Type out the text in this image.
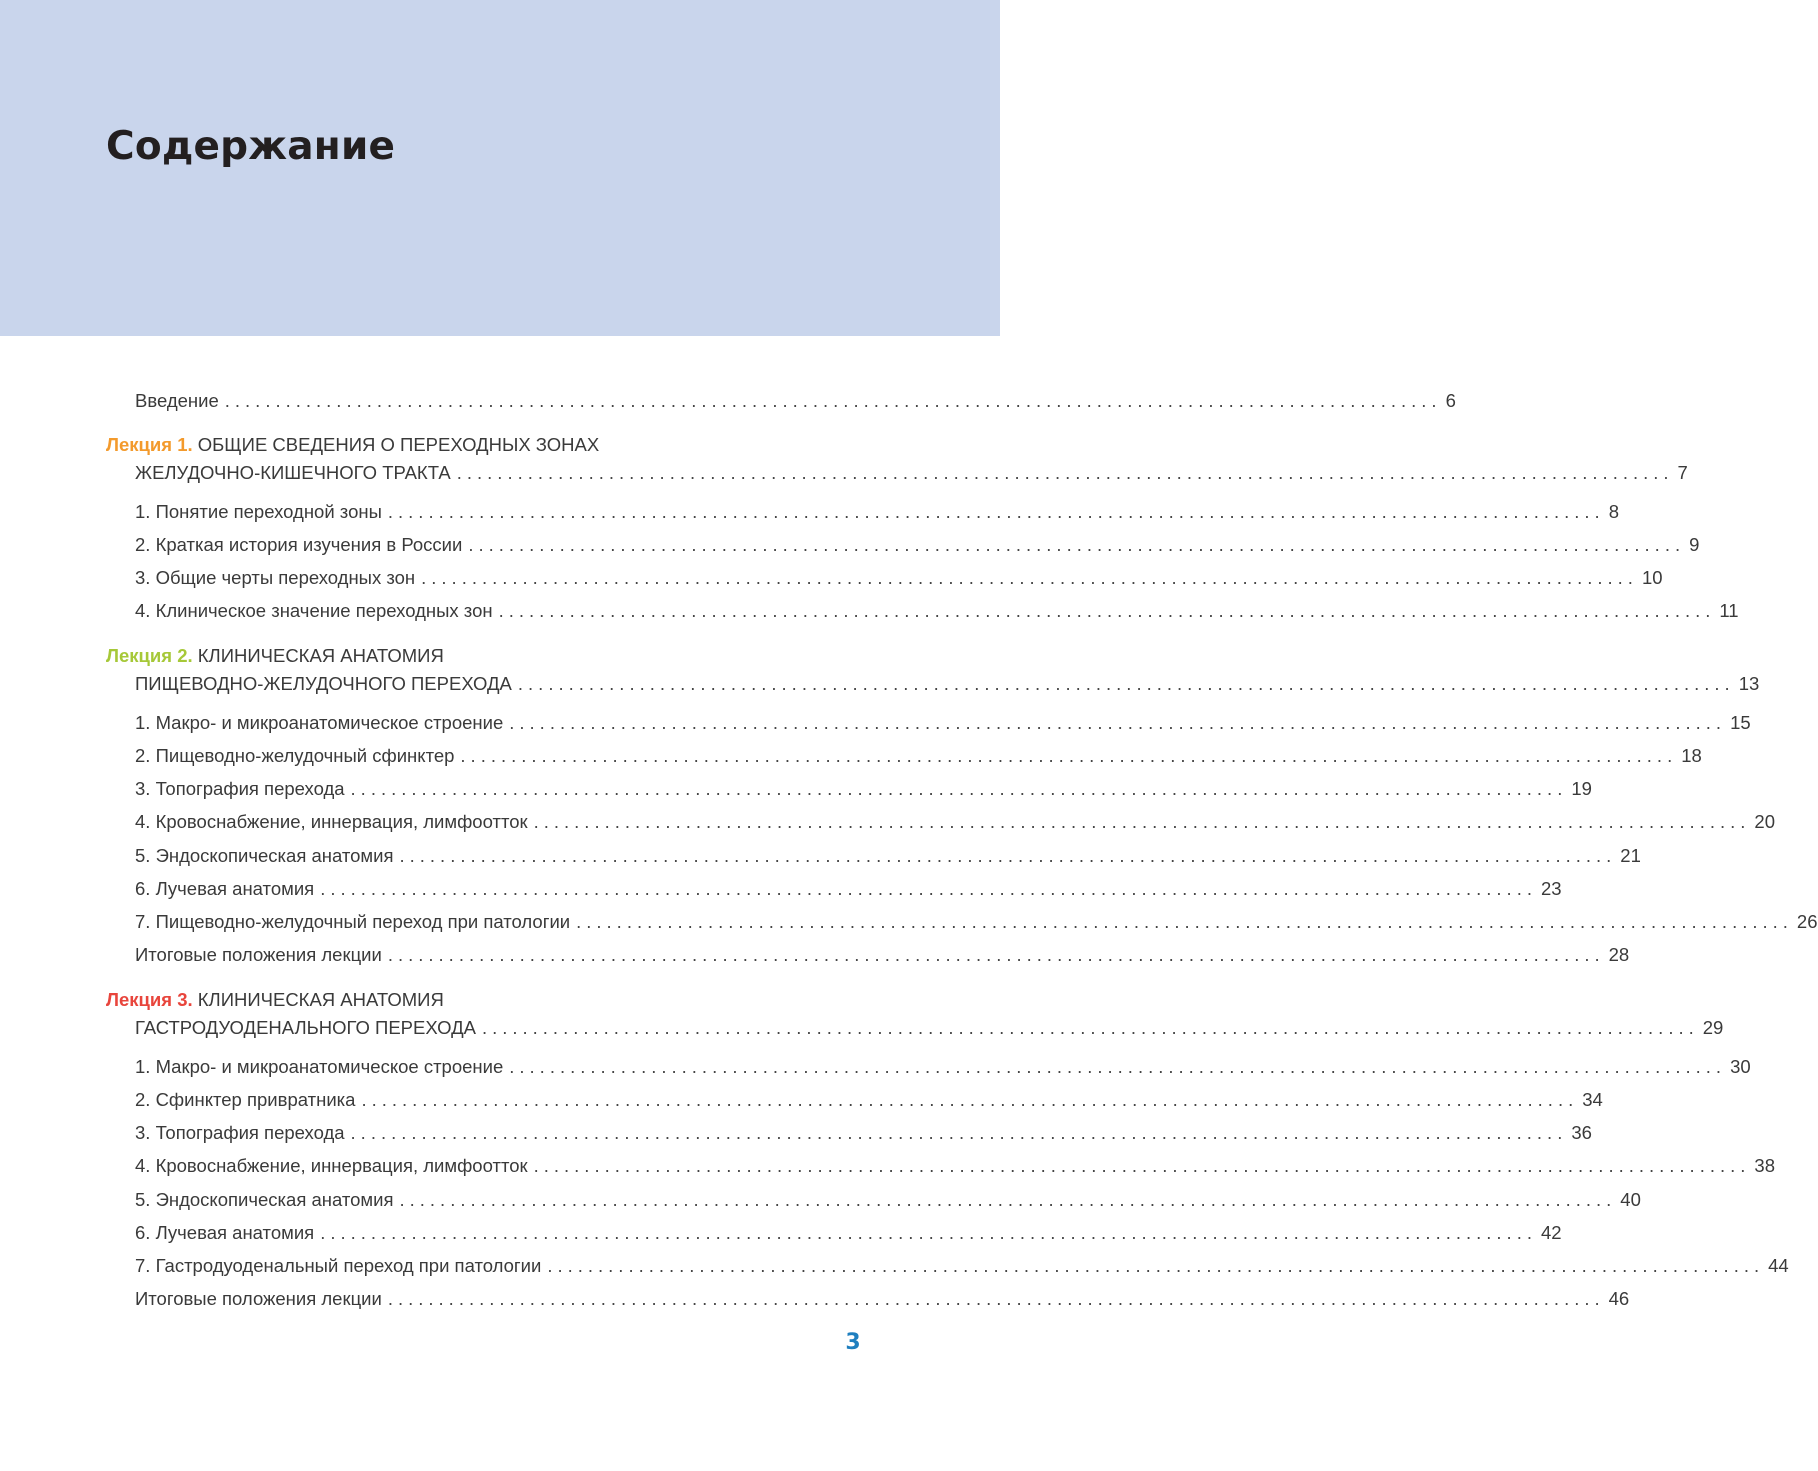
Содержание
Введение ........................................................................................................................ 6
Лекция 1. ОБЩИЕ СВЕДЕНИЯ О ПЕРЕХОДНЫХ ЗОНАХ
ЖЕЛУДОЧНО-КИШЕЧНОГО ТРАКТА ........................................................................................................................ 7
1. Понятие переходной зоны ........................................................................................................................ 8
2. Краткая история изучения в России ........................................................................................................................ 9
3. Общие черты переходных зон ........................................................................................................................ 10
4. Клиническое значение переходных зон ........................................................................................................................ 11
Лекция 2. КЛИНИЧЕСКАЯ АНАТОМИЯ
ПИЩЕВОДНО-ЖЕЛУДОЧНОГО ПЕРЕХОДА ........................................................................................................................ 13
1. Макро- и микроанатомическое строение ........................................................................................................................ 15
2. Пищеводно-желудочный сфинктер ........................................................................................................................ 18
3. Топография перехода ........................................................................................................................ 19
4. Кровоснабжение, иннервация, лимфоотток ........................................................................................................................ 20
5. Эндоскопическая анатомия ........................................................................................................................ 21
6. Лучевая анатомия ........................................................................................................................ 23
7. Пищеводно-желудочный переход при патологии ........................................................................................................................ 26
Итоговые положения лекции ........................................................................................................................ 28
Лекция 3. КЛИНИЧЕСКАЯ АНАТОМИЯ
ГАСТРОДУОДЕНАЛЬНОГО ПЕРЕХОДА ........................................................................................................................ 29
1. Макро- и микроанатомическое строение ........................................................................................................................ 30
2. Сфинктер привратника ........................................................................................................................ 34
3. Топография перехода ........................................................................................................................ 36
4. Кровоснабжение, иннервация, лимфоотток ........................................................................................................................ 38
5. Эндоскопическая анатомия ........................................................................................................................ 40
6. Лучевая анатомия ........................................................................................................................ 42
7. Гастродуоденальный переход при патологии ........................................................................................................................ 44
Итоговые положения лекции ........................................................................................................................ 46
3
